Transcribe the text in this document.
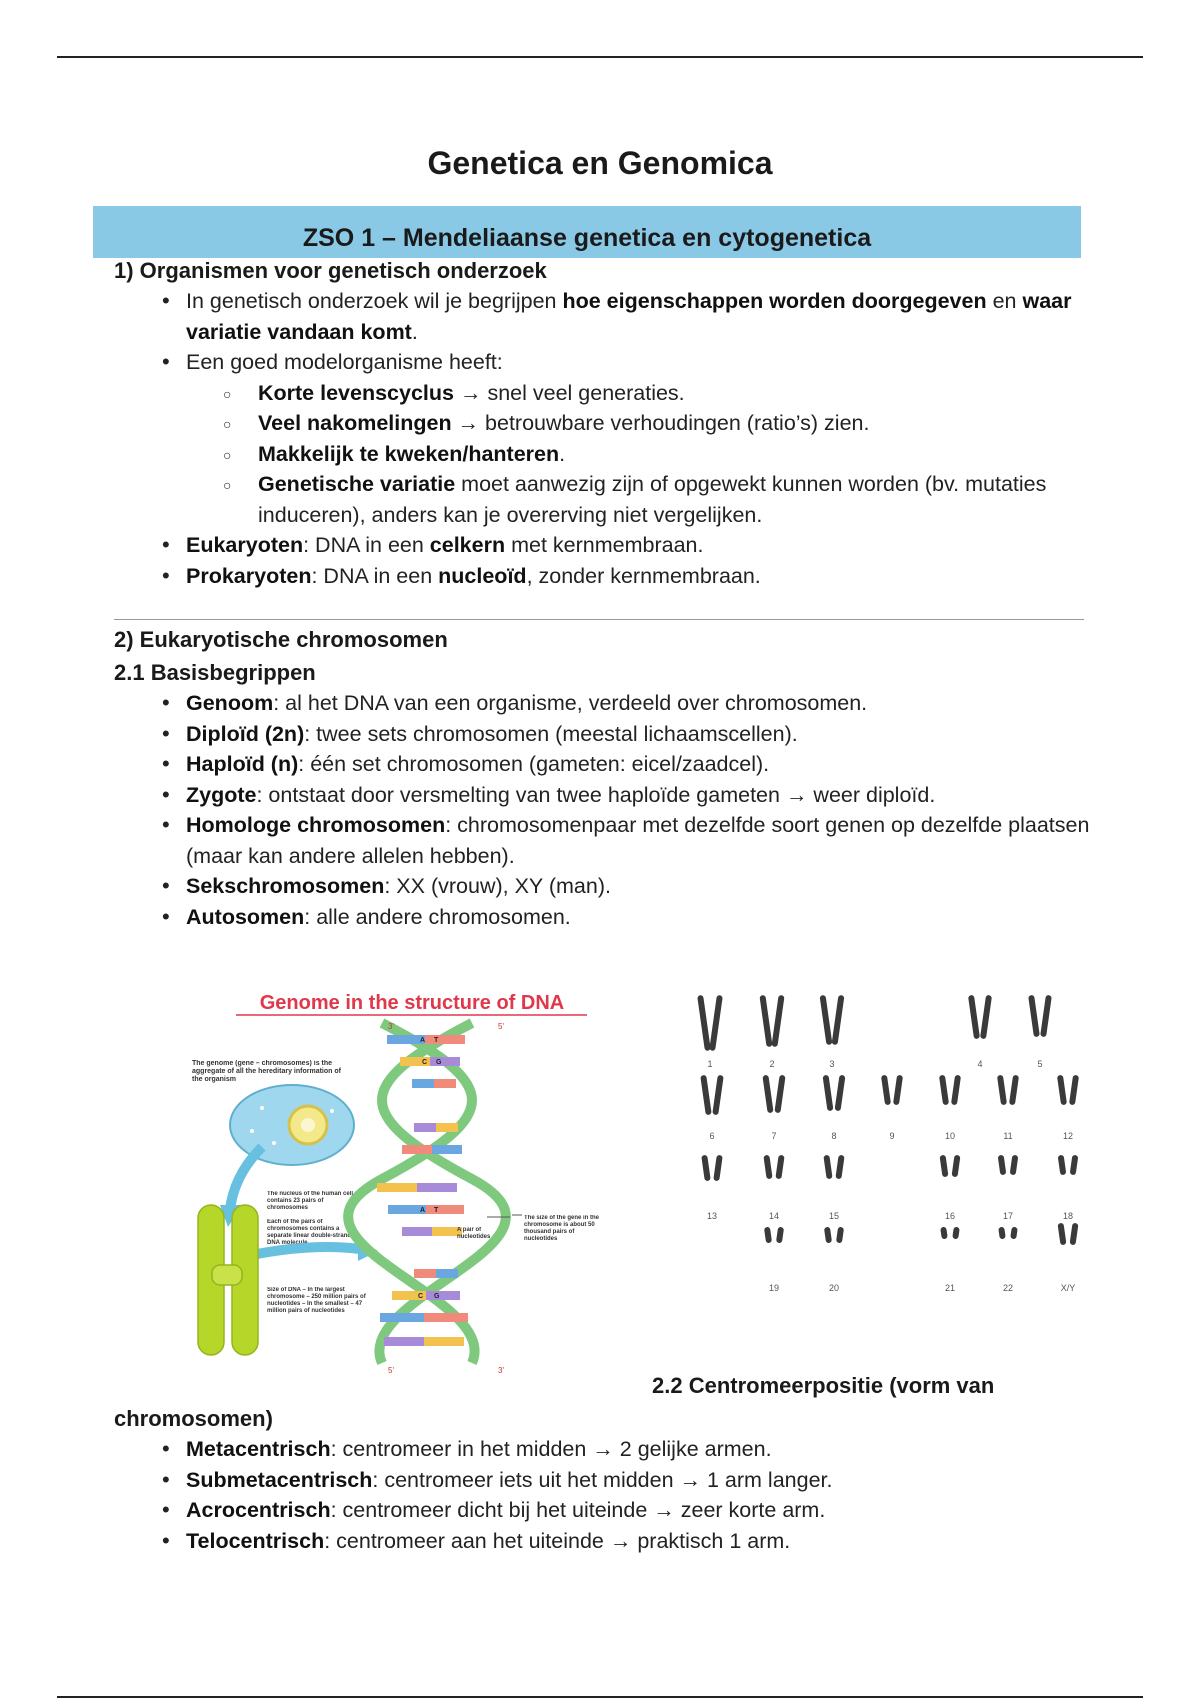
Genetica en Genomica
ZSO 1 – Mendeliaanse genetica en cytogenetica
1) Organismen voor genetisch onderzoek
• In genetisch onderzoek wil je begrijpen hoe eigenschappen worden doorgegeven en waar variatie vandaan komt.
• Een goed modelorganisme heeft:
○ Korte levenscyclus → snel veel generaties.
○ Veel nakomelingen → betrouwbare verhoudingen (ratio’s) zien.
○ Makkelijk te kweken/hanteren.
○ Genetische variatie moet aanwezig zijn of opgewekt kunnen worden (bv. mutaties induceren), anders kan je overerving niet vergelijken.
• Eukaryoten: DNA in een celkern met kernmembraan.
• Prokaryoten: DNA in een nucleoïd, zonder kernmembraan.
2) Eukaryotische chromosomen
2.1 Basisbegrippen
• Genoom: al het DNA van een organisme, verdeeld over chromosomen.
• Diploïd (2n): twee sets chromosomen (meestal lichaamscellen).
• Haploïd (n): één set chromosomen (gameten: eicel/zaadcel).
• Zygote: ontstaat door versmelting van twee haploïde gameten → weer diploïd.
• Homologe chromosomen: chromosomenpaar met dezelfde soort genen op dezelfde plaatsen (maar kan andere allelen hebben).
• Sekschromosomen: XX (vrouw), XY (man).
• Autosomen: alle andere chromosomen.
Genome in the structure of DNA
The genome (gene – chromosomes) is the aggregate of all the hereditary information of the organism
The nucleus of the human cell contains 23 pairs of chromosomes
Each of the pairs of chromosomes contains a separate linear double-stranded DNA molecule
Size of DNA – In the largest chromosome – 250 million pairs of nucleotides – In the smallest – 47 million pairs of nucleotides
A T
C G
A T
C G
3'	5'
5'	3'
A pair of nucleotides
The size of the gene in the chromosome is about 50 thousand pairs of nucleotides
1	2	3	4	5
6	7	8	9	10	11	12
13	14	15	16	17	18
19	20	21	22	X/Y
2.2 Centromeerpositie (vorm van
chromosomen)
• Metacentrisch: centromeer in het midden → 2 gelijke armen.
• Submetacentrisch: centromeer iets uit het midden → 1 arm langer.
• Acrocentrisch: centromeer dicht bij het uiteinde → zeer korte arm.
• Telocentrisch: centromeer aan het uiteinde → praktisch 1 arm.
